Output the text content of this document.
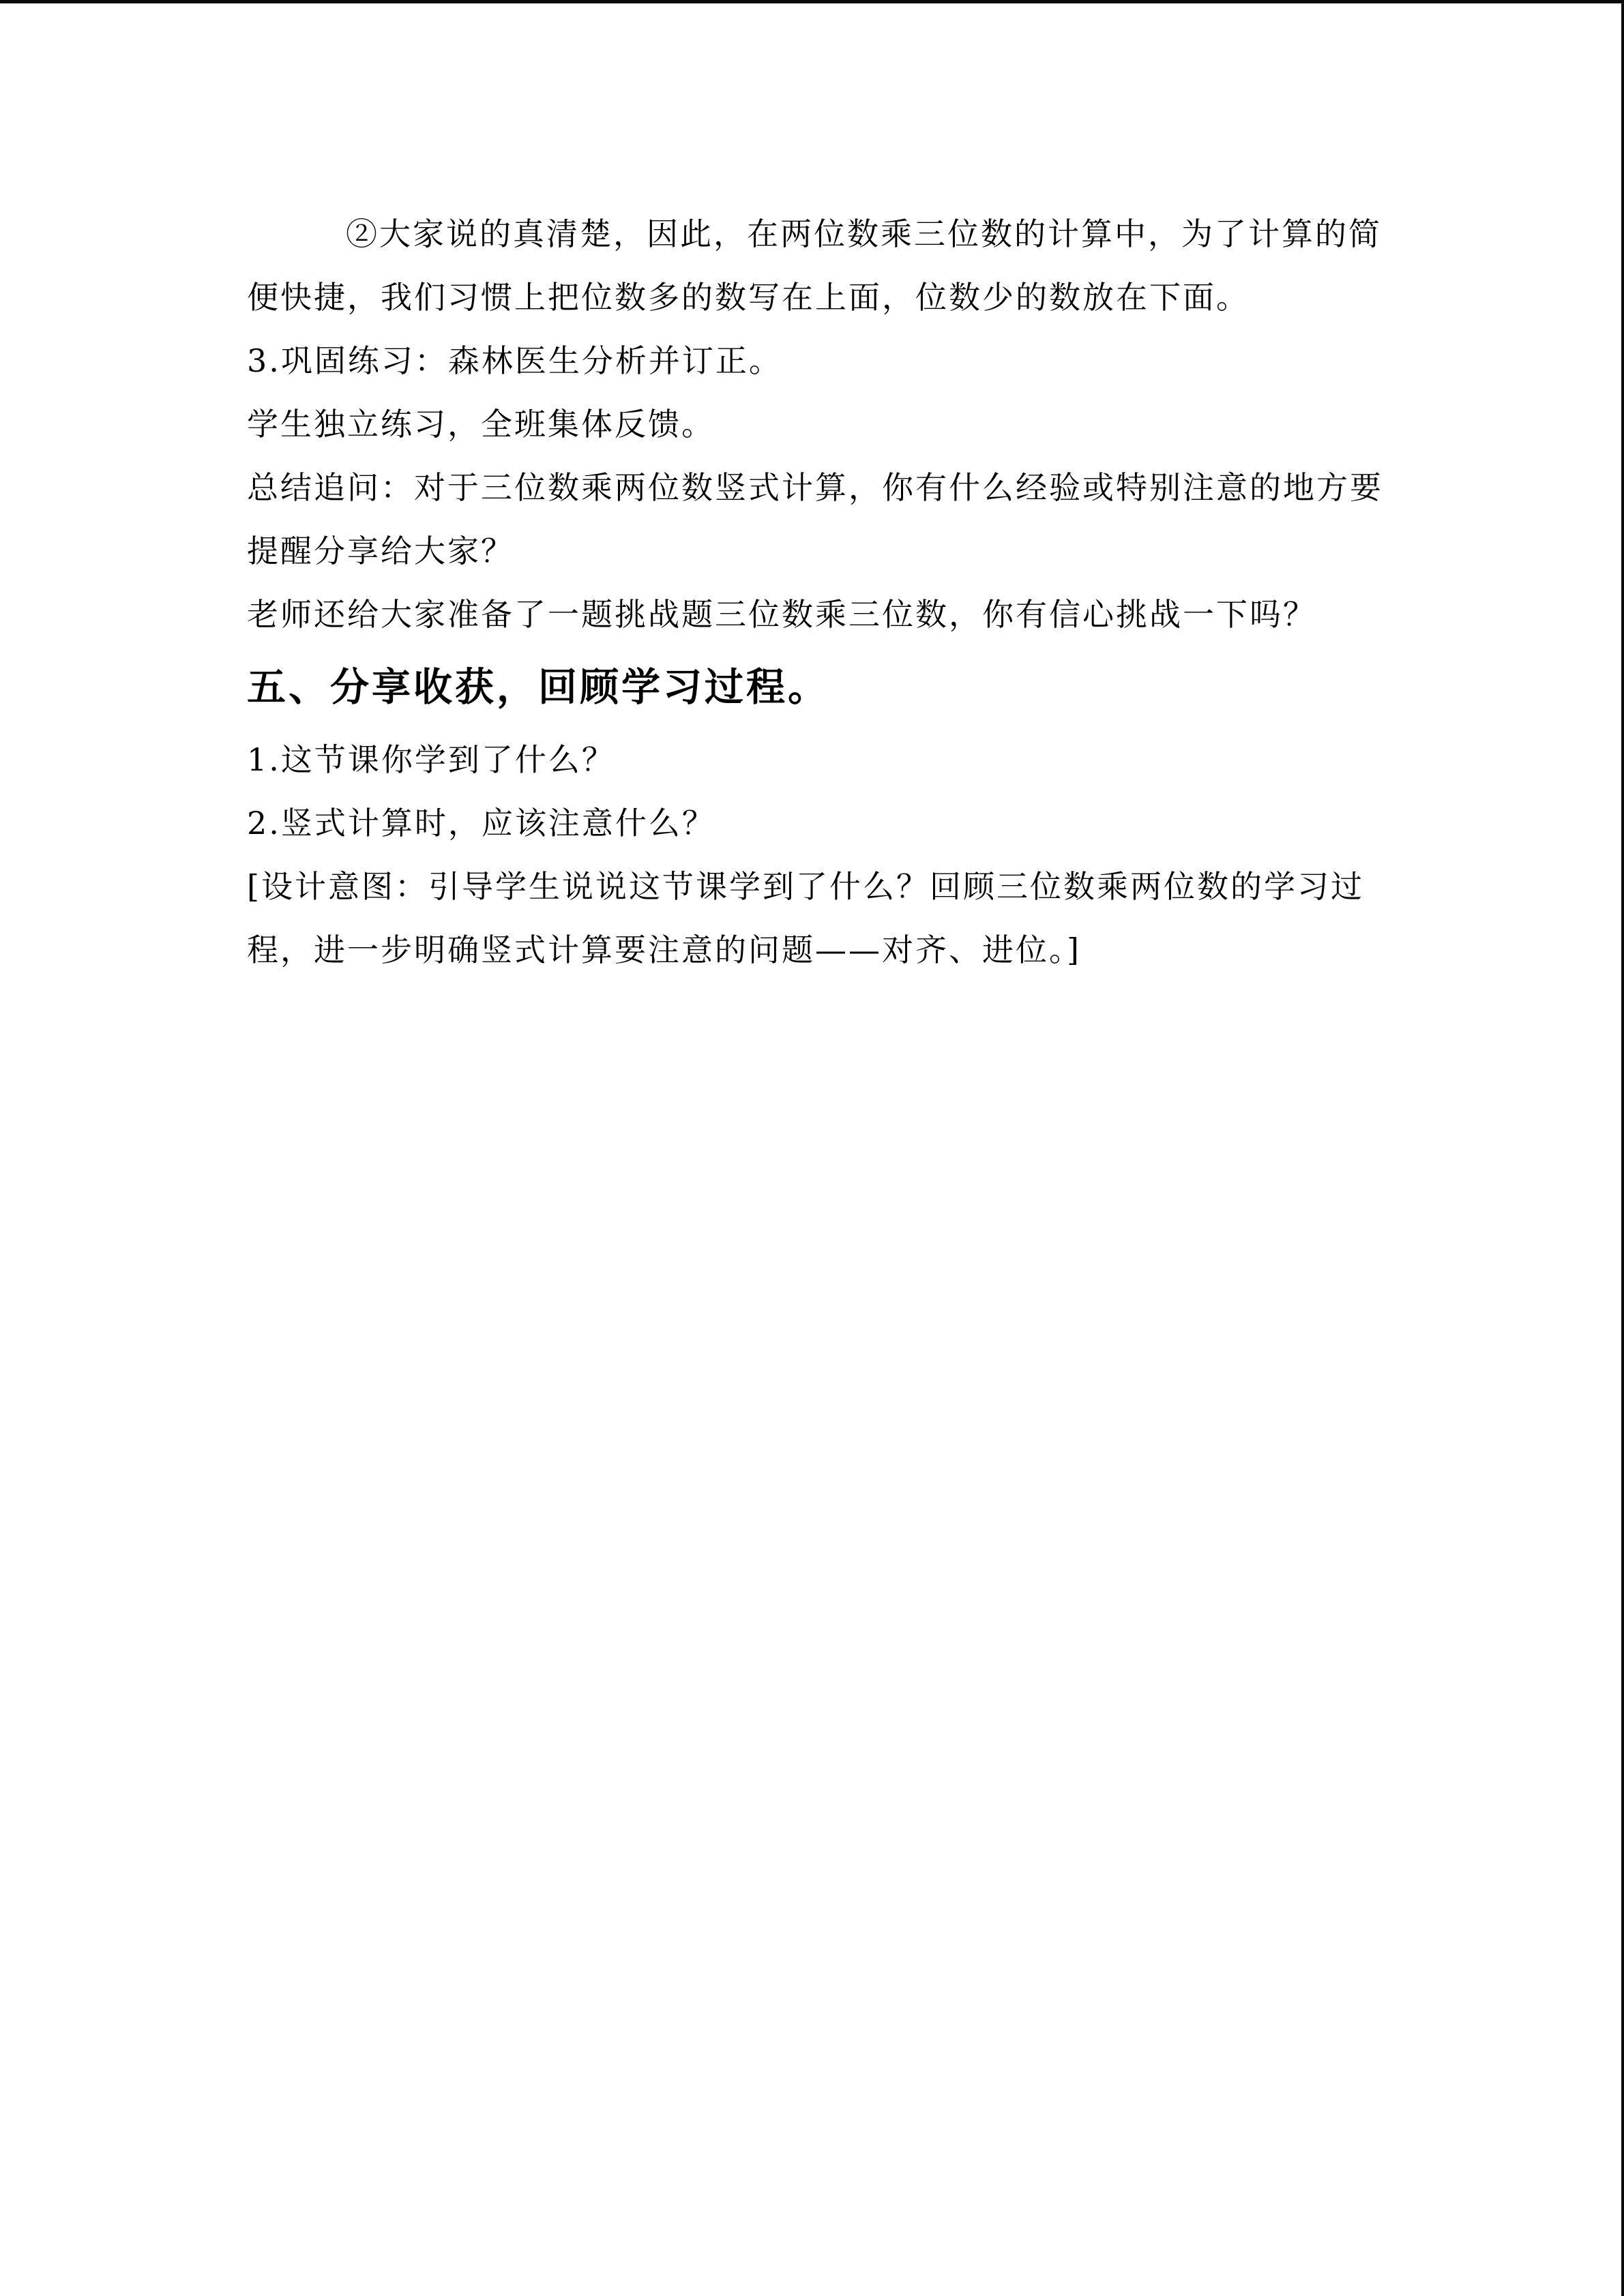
②大家说的真清楚，因此，在两位数乘三位数的计算中，为了计算的简
便快捷，我们习惯上把位数多的数写在上面，位数少的数放在下面。
3.巩固练习：森林医生分析并订正。
学生独立练习，全班集体反馈。
总结追问：对于三位数乘两位数竖式计算，你有什么经验或特别注意的地方要
提醒分享给大家？
老师还给大家准备了一题挑战题三位数乘三位数，你有信心挑战一下吗？
五、分享收获，回顾学习过程。
1.这节课你学到了什么？
2.竖式计算时，应该注意什么？
[设计意图：引导学生说说这节课学到了什么？回顾三位数乘两位数的学习过
程，进一步明确竖式计算要注意的问题——对齐、进位。]
